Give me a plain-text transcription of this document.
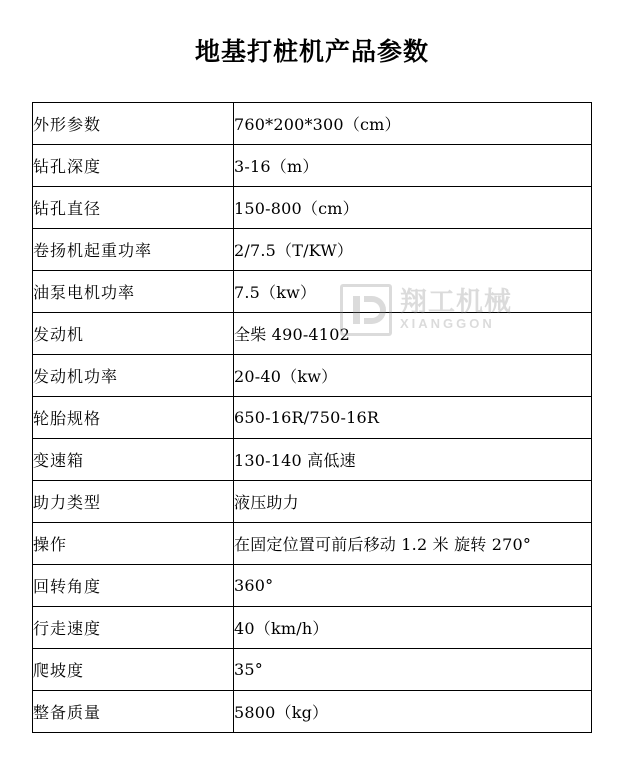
地基打桩机产品参数
外形参数	760*200*300（cm）
钻孔深度	3-16（m）
钻孔直径	150-800（cm）
卷扬机起重功率	2/7.5（T/KW）
油泵电机功率	7.5（kw）
发动机	全柴 490-4102
发动机功率	20-40（kw）
轮胎规格	650-16R/750-16R
变速箱	130-140 高低速
助力类型	液压助力
操作	在固定位置可前后移动 1.2 米 旋转 270°
回转角度	360°
行走速度	40（km/h）
爬坡度	35°
整备质量	5800（kg）
翔工机械
XIANGGON
